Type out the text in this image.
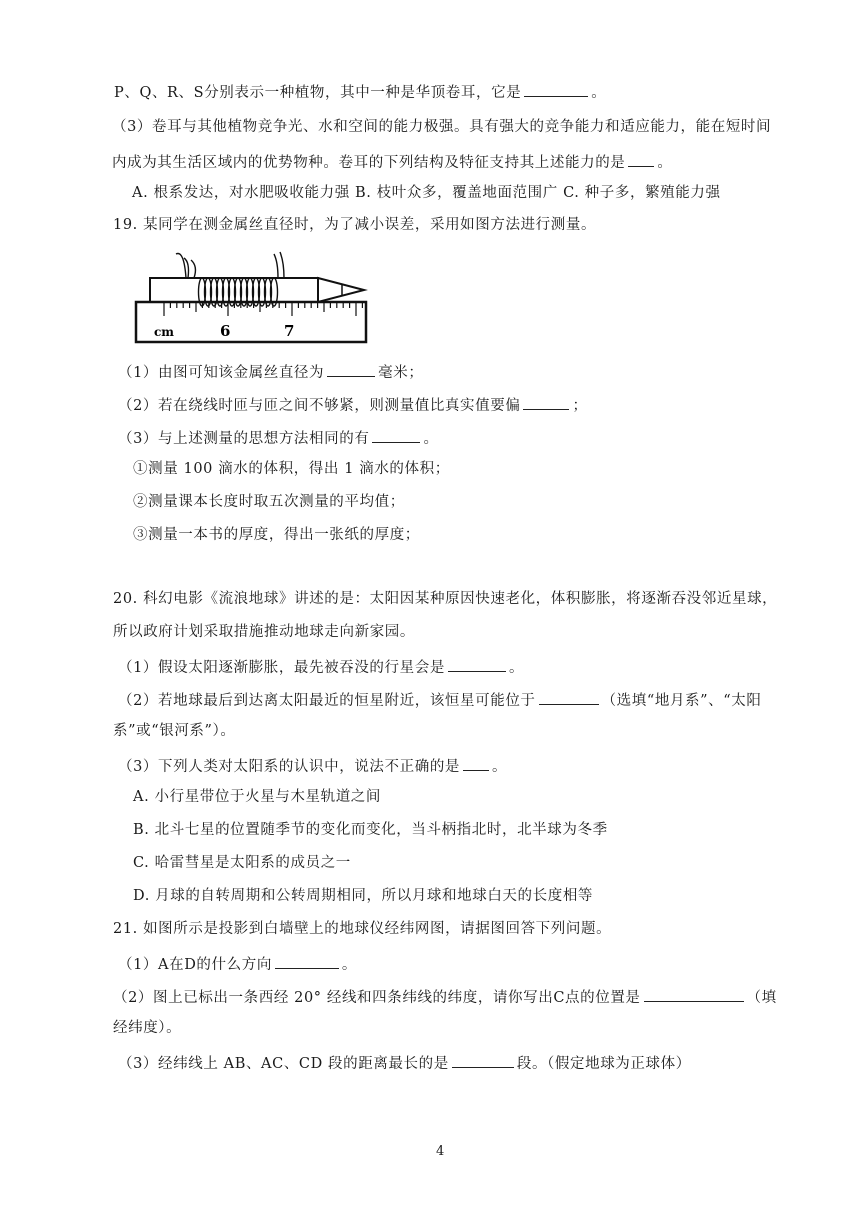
P、Q、R、S分别表示一种植物，其中一种是华顶卷耳，它是	。
（3）卷耳与其他植物竞争光、水和空间的能力极强。具有强大的竞争能力和适应能力，能在短时间
内成为其生活区域内的优势物种。卷耳的下列结构及特征支持其上述能力的是 。
A. 根系发达，对水肥吸收能力强 B. 枝叶众多，覆盖地面范围广 C. 种子多，繁殖能力强
19. 某同学在测金属丝直径时，为了减小误差，采用如图方法进行测量。
cm	6	7
（1）由图可知该金属丝直径为	毫米；
（2）若在绕线时匝与匝之间不够紧，则测量值比真实值要偏	；
（3）与上述测量的思想方法相同的有	。
①测量 100 滴水的体积，得出 1 滴水的体积；
②测量课本长度时取五次测量的平均值；
③测量一本书的厚度，得出一张纸的厚度；
20. 科幻电影《流浪地球》讲述的是：太阳因某种原因快速老化，体积膨胀，将逐渐吞没邻近星球，
所以政府计划采取措施推动地球走向新家园。
（1）假设太阳逐渐膨胀，最先被吞没的行星会是	。
（2）若地球最后到达离太阳最近的恒星附近，该恒星可能位于	（选填“地月系”、“太阳
系”或“银河系”）。
（3）下列人类对太阳系的认识中，说法不正确的是 。
A. 小行星带位于火星与木星轨道之间
B. 北斗七星的位置随季节的变化而变化，当斗柄指北时，北半球为冬季
C. 哈雷彗星是太阳系的成员之一
D. 月球的自转周期和公转周期相同，所以月球和地球白天的长度相等
21. 如图所示是投影到白墙壁上的地球仪经纬网图，请据图回答下列问题。
（1）A在D的什么方向	。
（2）图上已标出一条西经 20° 经线和四条纬线的纬度，请你写出C点的位置是	（填
经纬度）。
（3）经纬线上 AB、AC、CD 段的距离最长的是	段。（假定地球为正球体）
4
